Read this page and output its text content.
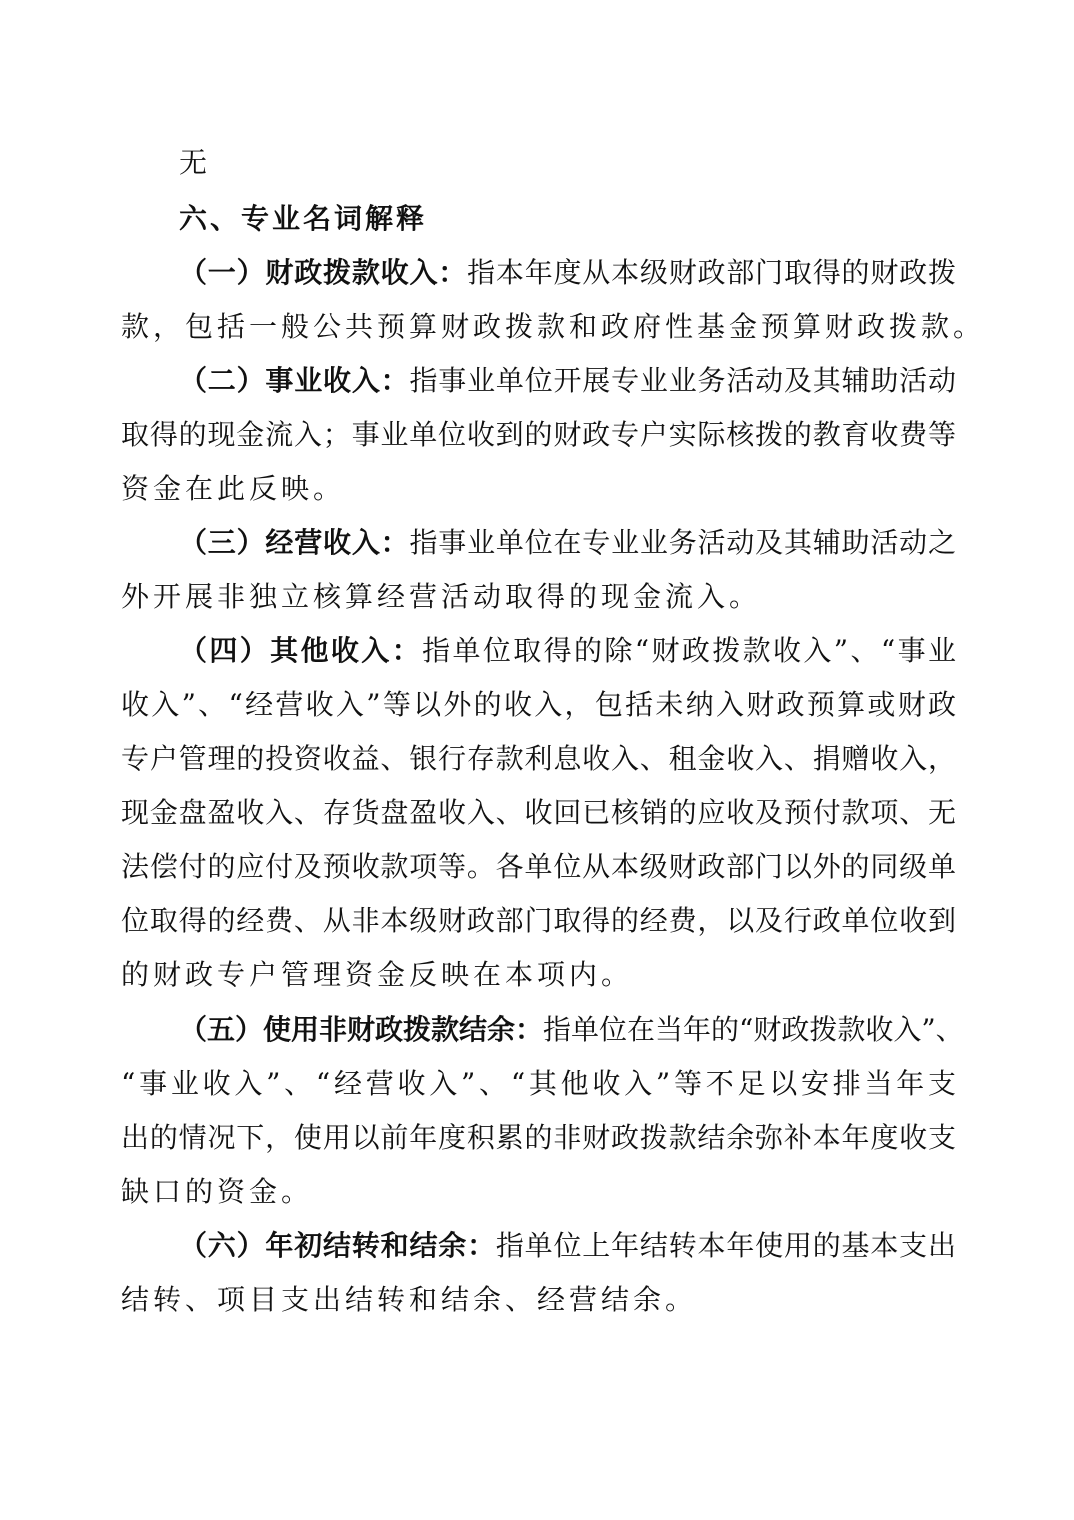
无
六、专业名词解释
（一）财政拨款收入：指本年度从本级财政部门取得的财政拨
款，包括一般公共预算财政拨款和政府性基金预算财政拨款。
（二）事业收入：指事业单位开展专业业务活动及其辅助活动
取得的现金流入；事业单位收到的财政专户实际核拨的教育收费等
资金在此反映。
（三）经营收入：指事业单位在专业业务活动及其辅助活动之
外开展非独立核算经营活动取得的现金流入。
（四）其他收入：指单位取得的除“财政拨款收入”、“事业
收入”、“经营收入”等以外的收入，包括未纳入财政预算或财政
专户管理的投资收益、银行存款利息收入、租金收入、捐赠收入，
现金盘盈收入、存货盘盈收入、收回已核销的应收及预付款项、无
法偿付的应付及预收款项等。各单位从本级财政部门以外的同级单
位取得的经费、从非本级财政部门取得的经费，以及行政单位收到
的财政专户管理资金反映在本项内。
（五）使用非财政拨款结余：指单位在当年的“财政拨款收入”、
“事业收入”、“经营收入”、“其他收入”等不足以安排当年支
出的情况下，使用以前年度积累的非财政拨款结余弥补本年度收支
缺口的资金。
（六）年初结转和结余：指单位上年结转本年使用的基本支出
结转、项目支出结转和结余、经营结余。
